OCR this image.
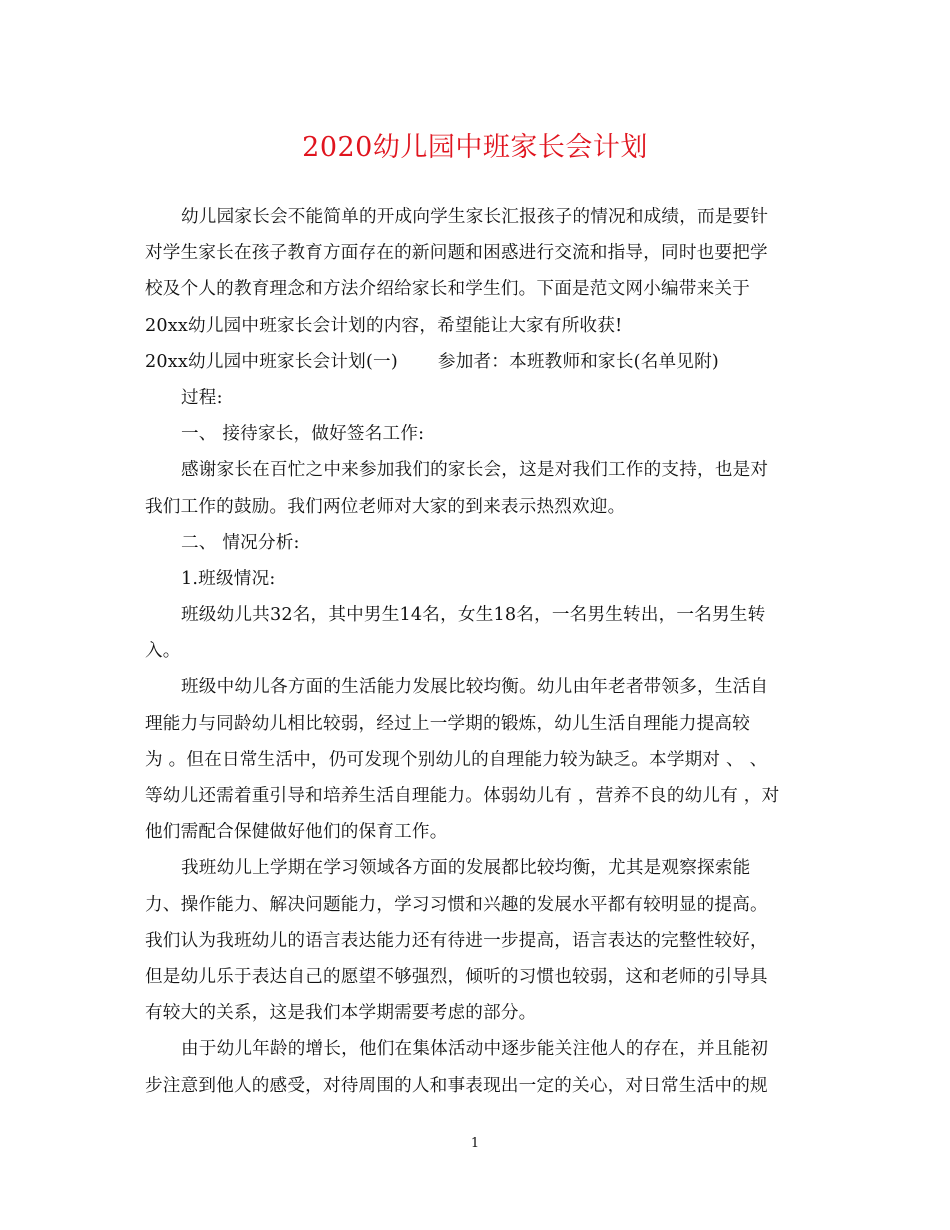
2020幼儿园中班家长会计划
幼儿园家长会不能简单的开成向学生家长汇报孩子的情况和成绩，而是要针
对学生家长在孩子教育方面存在的新问题和困惑进行交流和指导，同时也要把学
校及个人的教育理念和方法介绍给家长和学生们。下面是范文网小编带来关于
20xx幼儿园中班家长会计划的内容，希望能让大家有所收获!
20xx幼儿园中班家长会计划(一) 参加者：本班教师和家长(名单见附)
过程:
一、 接待家长，做好签名工作:
感谢家长在百忙之中来参加我们的家长会，这是对我们工作的支持，也是对
我们工作的鼓励。我们两位老师对大家的到来表示热烈欢迎。
二、 情况分析:
1.班级情况:
班级幼儿共32名，其中男生14名，女生18名，一名男生转出，一名男生转
入。
班级中幼儿各方面的生活能力发展比较均衡。幼儿由年老者带领多，生活自
理能力与同龄幼儿相比较弱，经过上一学期的锻炼，幼儿生活自理能力提高较
为 。但在日常生活中，仍可发现个别幼儿的自理能力较为缺乏。本学期对 、 、
等幼儿还需着重引导和培养生活自理能力。体弱幼儿有 ，营养不良的幼儿有 ，对
他们需配合保健做好他们的保育工作。
我班幼儿上学期在学习领域各方面的发展都比较均衡，尤其是观察探索能
力、操作能力、解决问题能力，学习习惯和兴趣的发展水平都有较明显的提高。
我们认为我班幼儿的语言表达能力还有待进一步提高，语言表达的完整性较好，
但是幼儿乐于表达自己的愿望不够强烈，倾听的习惯也较弱，这和老师的引导具
有较大的关系，这是我们本学期需要考虑的部分。
由于幼儿年龄的增长，他们在集体活动中逐步能关注他人的存在，并且能初
步注意到他人的感受，对待周围的人和事表现出一定的关心，对日常生活中的规
1
